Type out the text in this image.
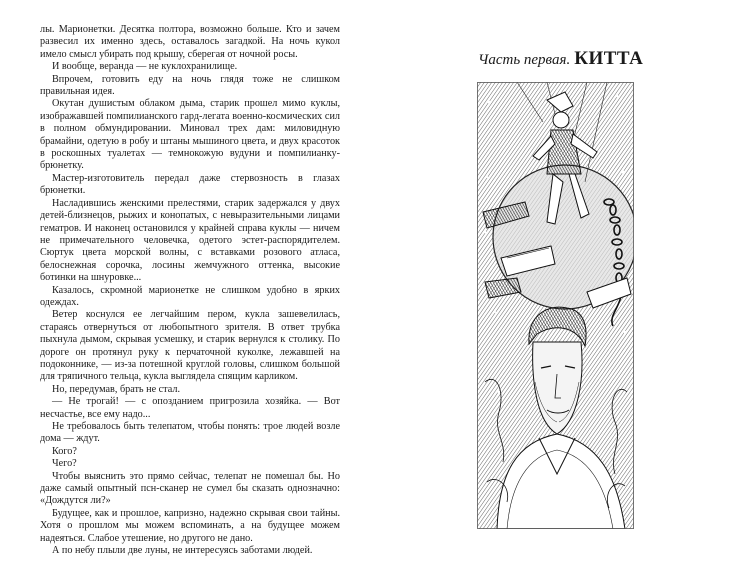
лы. Марионетки. Десятка полтора, возможно больше. Кто и зачем развесил их именно здесь, оставалось загадкой. На ночь кукол имело смысл убирать под крышу, сберегая от ночной росы.

И вообще, веранда — не куклохранилище.

Впрочем, готовить еду на ночь глядя тоже не слишком правильная идея.

Окутан душистым облаком дыма, старик прошел мимо куклы, изображавшей помпилианского гард-легата военно-космических сил в полном обмундировании. Миновал трех дам: миловидную брамайни, одетую в робу и штаны мышиного цвета, и двух красоток в роскошных туалетах — темнокожую вудуни и помпилианку-брюнетку.

Мастер-изготовитель передал даже стервозность в глазах брюнетки.

Насладившись женскими прелестями, старик задержался у двух детей-близнецов, рыжих и конопатых, с невыразительными лицами гематров. И наконец остановился у крайней справа куклы — ничем не примечательного человечка, одетого эстет-распорядителем. Сюртук цвета морской волны, с вставками розового атласа, белоснежная сорочка, лосины жемчужного оттенка, высокие ботинки на шнуровке...

Казалось, скромной марионетке не слишком удобно в ярких одеждах.

Ветер коснулся ее легчайшим пером, кукла зашевелилась, стараясь отвернуться от любопытного зрителя. В ответ трубка пыхнула дымом, скрывая усмешку, и старик вернулся к столику. По дороге он протянул руку к перчаточной куколке, лежавшей на подоконнике, — из-за потешной круглой головы, слишком большой для тряпичного тельца, кукла выглядела спящим карликом.

Но, передумав, брать не стал.

— Не трогай! — с опозданием пригрозила хозяйка. — Вот несчастье, все ему надо...

Не требовалось быть телепатом, чтобы понять: трое людей возле дома — ждут.

Кого?

Чего?

Чтобы выяснить это прямо сейчас, телепат не помешал бы. Но даже самый опытный псн-сканер не сумел бы сказать однозначно: «Дождутся ли?»

Будущее, как и прошлое, капризно, надежно скрывая свои тайны. Хотя о прошлом мы можем вспоминать, а на будущее можем надеяться. Слабое утешение, но другого не дано.

А по небу плыли две луны, не интересуясь заботами людей.

Часть первая. КИТТА
